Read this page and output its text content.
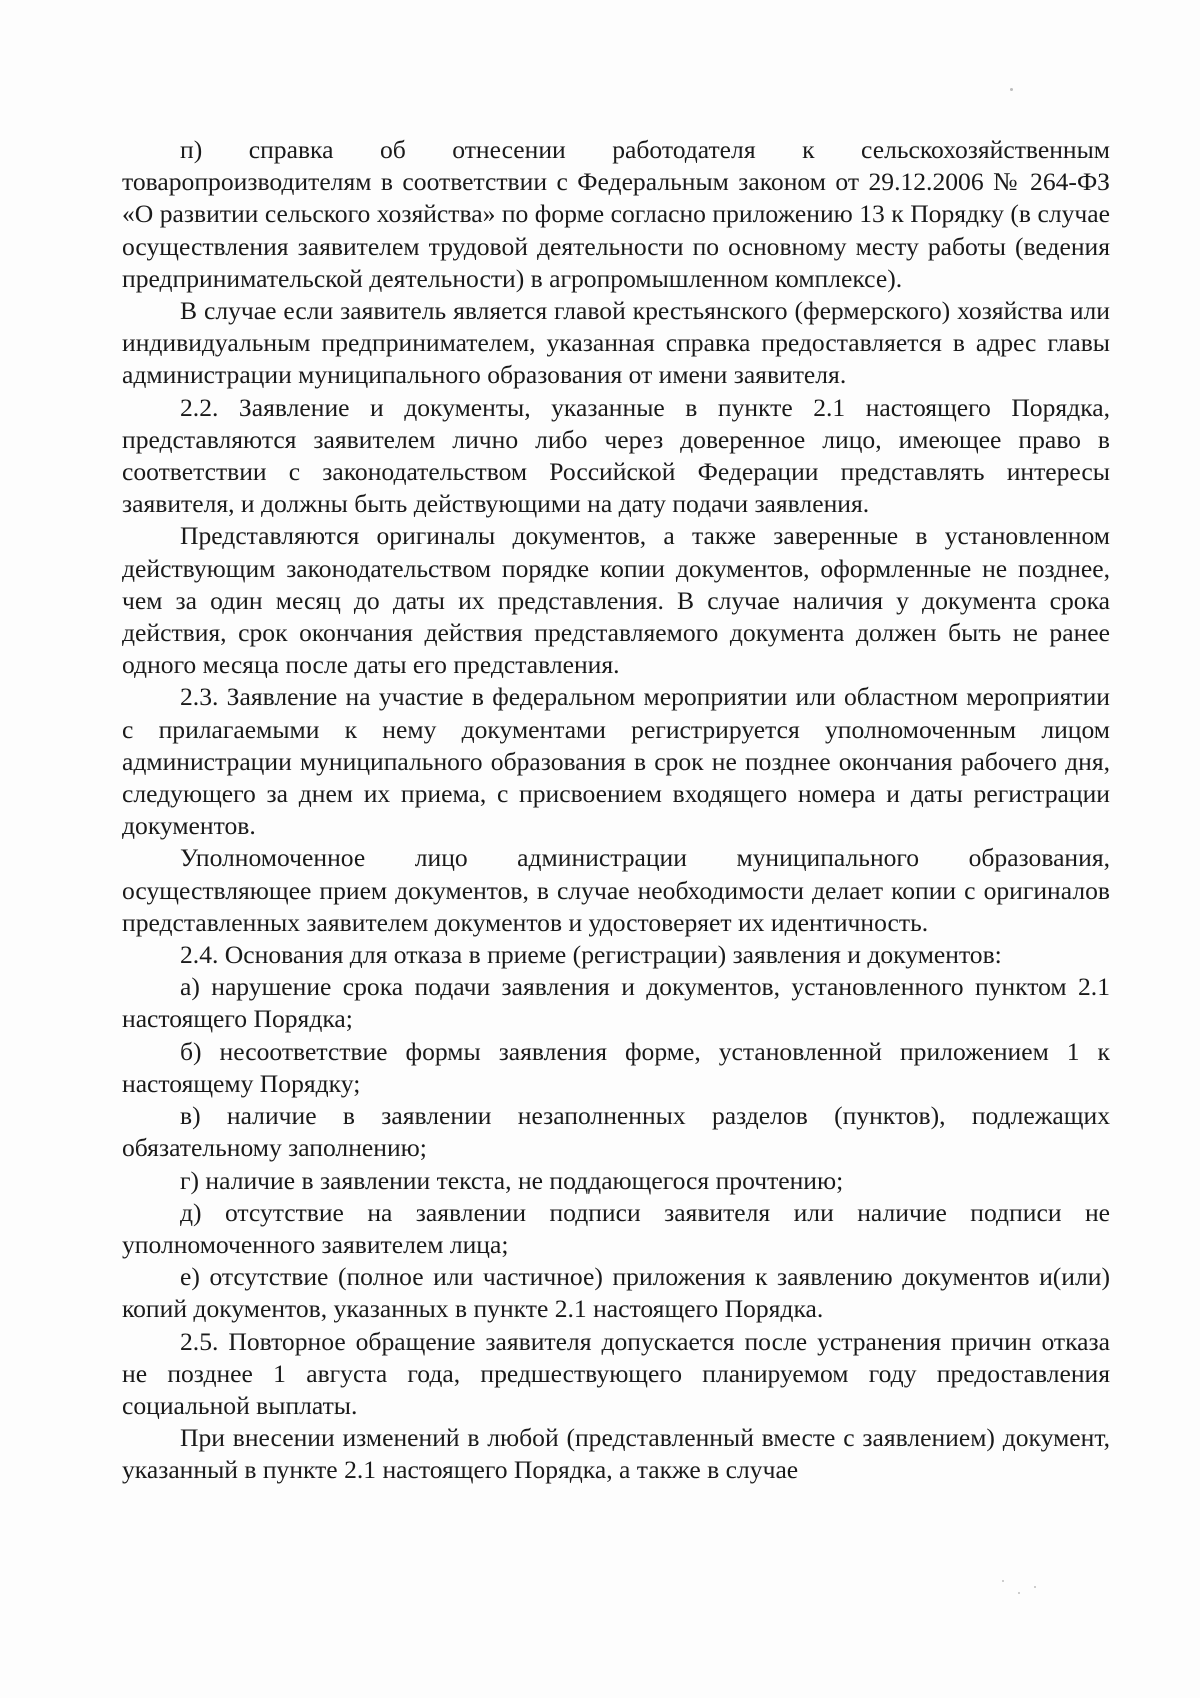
п) справка об отнесении работодателя к сельскохозяйственным товаропроизводителям в соответствии с Федеральным законом от 29.12.2006 № 264-ФЗ «О развитии сельского хозяйства» по форме согласно приложению 13 к Порядку (в случае осуществления заявителем трудовой деятельности по основному месту работы (ведения предпринимательской деятельности) в агропромышленном комплексе).

В случае если заявитель является главой крестьянского (фермерского) хозяйства или индивидуальным предпринимателем, указанная справка предоставляется в адрес главы администрации муниципального образования от имени заявителя.

2.2. Заявление и документы, указанные в пункте 2.1 настоящего Порядка, представляются заявителем лично либо через доверенное лицо, имеющее право в соответствии с законодательством Российской Федерации представлять интересы заявителя, и должны быть действующими на дату подачи заявления.

Представляются оригиналы документов, а также заверенные в установленном действующим законодательством порядке копии документов, оформленные не позднее, чем за один месяц до даты их представления. В случае наличия у документа срока действия, срок окончания действия представляемого документа должен быть не ранее одного месяца после даты его представления.

2.3. Заявление на участие в федеральном мероприятии или областном мероприятии с прилагаемыми к нему документами регистрируется уполномоченным лицом администрации муниципального образования в срок не позднее окончания рабочего дня, следующего за днем их приема, с присвоением входящего номера и даты регистрации документов.

Уполномоченное лицо администрации муниципального образования, осуществляющее прием документов, в случае необходимости делает копии с оригиналов представленных заявителем документов и удостоверяет их идентичность.

2.4. Основания для отказа в приеме (регистрации) заявления и документов:

а) нарушение срока подачи заявления и документов, установленного пунктом 2.1 настоящего Порядка;

б) несоответствие формы заявления форме, установленной приложением 1 к настоящему Порядку;

в) наличие в заявлении незаполненных разделов (пунктов), подлежащих обязательному заполнению;

г) наличие в заявлении текста, не поддающегося прочтению;

д) отсутствие на заявлении подписи заявителя или наличие подписи не уполномоченного заявителем лица;

е) отсутствие (полное или частичное) приложения к заявлению документов и(или) копий документов, указанных в пункте 2.1 настоящего Порядка.

2.5. Повторное обращение заявителя допускается после устранения причин отказа не позднее 1 августа года, предшествующего планируемом году предоставления социальной выплаты.

При внесении изменений в любой (представленный вместе с заявлением) документ, указанный в пункте 2.1 настоящего Порядка, а также в случае
